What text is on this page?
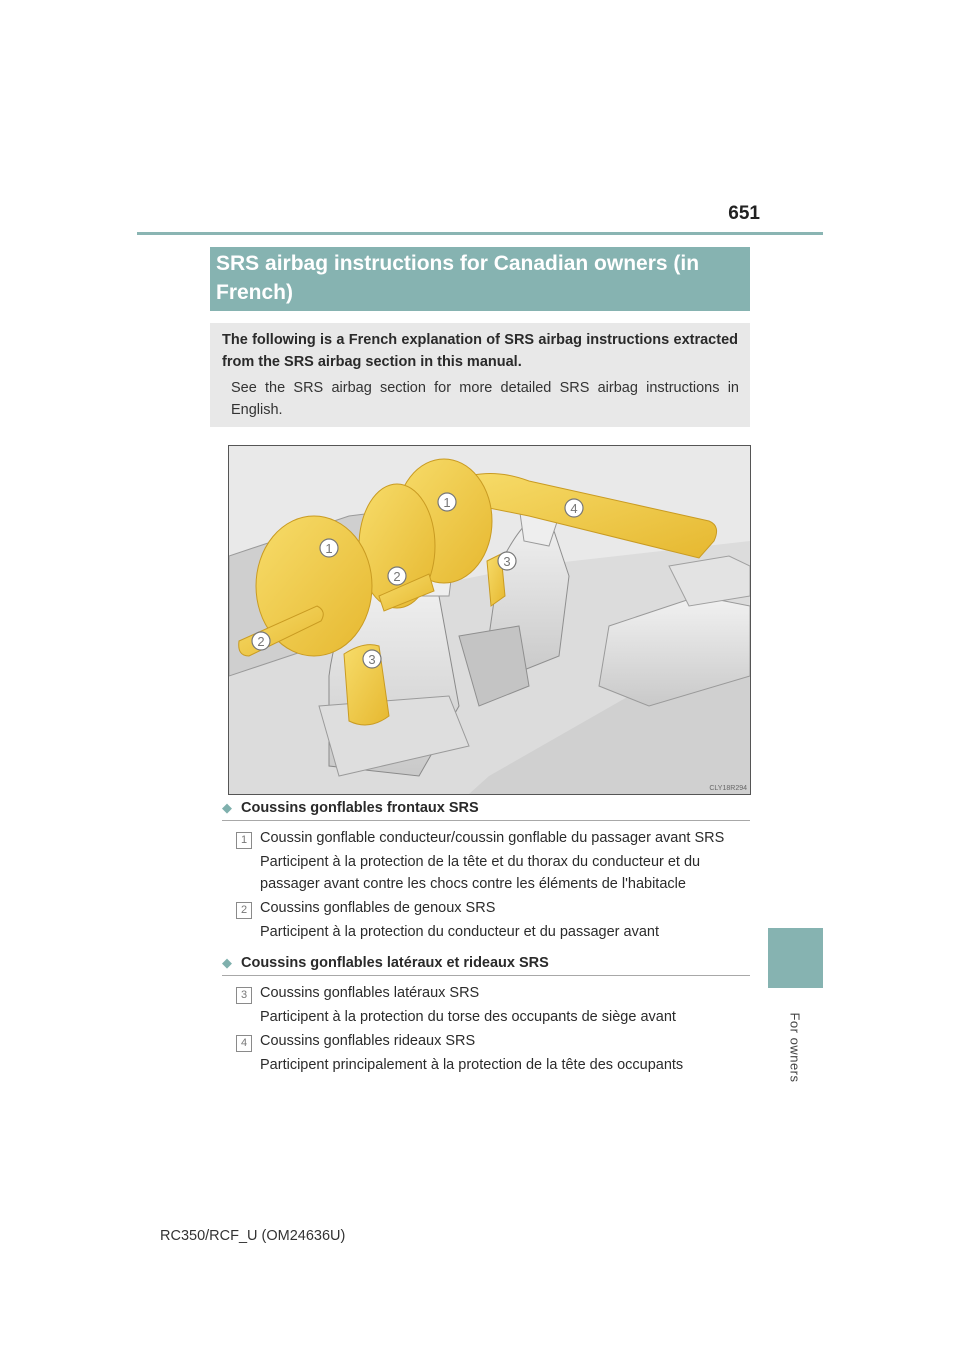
651
SRS airbag instructions for Canadian owners (in French)
The following is a French explanation of SRS airbag instructions extracted from the SRS airbag section in this manual.
See the SRS airbag section for more detailed SRS airbag instructions in English.
1
1
2
2
3
3
4
CLY18R294
◆ Coussins gonflables frontaux SRS
1 Coussin gonflable conducteur/coussin gonflable du passager avant SRS
Participent à la protection de la tête et du thorax du conducteur et du passager avant contre les chocs contre les éléments de l'habitacle
2 Coussins gonflables de genoux SRS
Participent à la protection du conducteur et du passager avant
◆ Coussins gonflables latéraux et rideaux SRS
3 Coussins gonflables latéraux SRS
Participent à la protection du torse des occupants de siège avant
4 Coussins gonflables rideaux SRS
Participent principalement à la protection de la tête des occupants	For owners
RC350/RCF_U (OM24636U)
